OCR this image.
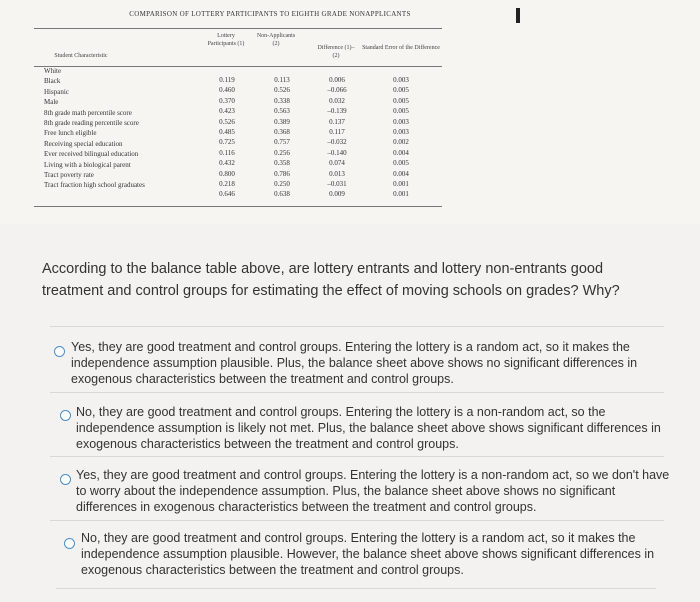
COMPARISON OF LOTTERY PARTICIPANTS TO EIGHTH GRADE NONAPPLICANTS
Student Characteristic
Lottery Participants (1)
Non-Applicants (2)
Difference (1)–(2)
Standard Error of the Difference
White
Black
Hispanic
Male
8th grade math percentile score
8th grade reading percentile score
Free lunch eligible
Receiving special education
Ever received bilingual education
Living with a biological parent
Tract poverty rate
Tract fraction high school graduates
0.119
0.460
0.370
0.423
0.526
0.485
0.725
0.116
0.432
0.800
0.218
0.646
0.113
0.526
0.338
0.563
0.389
0.368
0.757
0.256
0.358
0.786
0.250
0.638
0.006
–0.066
0.032
–0.139
0.137
0.117
–0.032
–0.140
0.074
0.013
–0.031
0.009
0.003
0.005
0.005
0.005
0.003
0.003
0.002
0.004
0.005
0.004
0.001
0.001
According to the balance table above, are lottery entrants and lottery non-entrants good treatment and control groups for estimating the effect of moving schools on grades? Why?
Yes, they are good treatment and control groups. Entering the lottery is a random act, so it makes the
independence assumption plausible. Plus, the balance sheet above shows no significant differences in
exogenous characteristics between the treatment and control groups.
No, they are good treatment and control groups. Entering the lottery is a non-random act, so the
independence assumption is likely not met. Plus, the balance sheet above shows significant differences in
exogenous characteristics between the treatment and control groups.
Yes, they are good treatment and control groups. Entering the lottery is a non-random act, so we don't have
to worry about the independence assumption. Plus, the balance sheet above shows no significant
differences in exogenous characteristics between the treatment and control groups.
No, they are good treatment and control groups. Entering the lottery is a random act, so it makes the
independence assumption plausible. However, the balance sheet above shows significant differences in
exogenous characteristics between the treatment and control groups.
